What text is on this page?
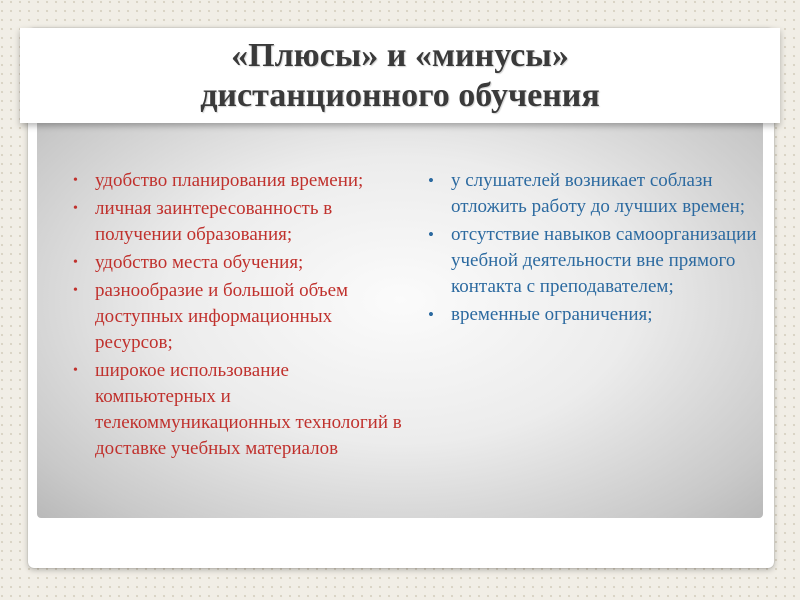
«Плюсы» и «минусы»
дистанционного обучения
• удобство планирования времени;
• личная заинтересованность в получении образования;
• удобство места обучения;
• разнообразие и большой объем доступных информационных ресурсов;
• широкое использование компьютерных и телекоммуникационных технологий в доставке учебных материалов
• у слушателей возникает соблазн отложить работу до лучших времен;
• отсутствие навыков самоорганизации учебной деятельности вне прямого контакта с преподавателем;
• временные ограничения;
